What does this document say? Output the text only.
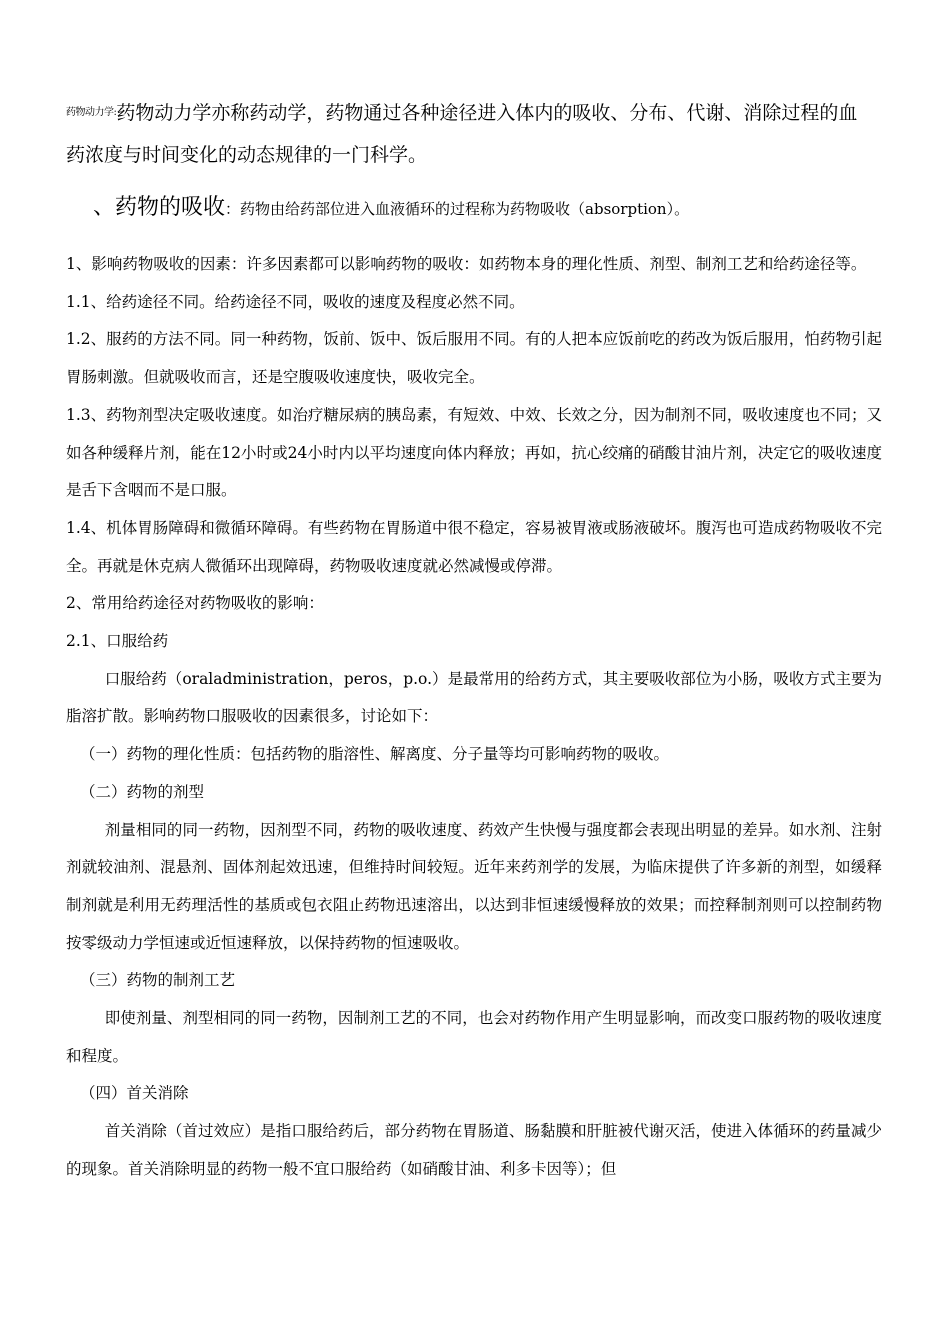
$^{药物动力学:}$药物动力学亦称药动学，药物通过各种途径进入体内的吸收、分布、代谢、消除过程的血药浓度与时间变化的动态规律的一门科学。
、药物的吸收：药物由给药部位进入血液循环的过程称为药物吸收（absorption）。

1、影响药物吸收的因素：许多因素都可以影响药物的吸收：如药物本身的理化性质、剂型、制剂工艺和给药途径等。

1.1、给药途径不同。给药途径不同，吸收的速度及程度必然不同。

1.2、服药的方法不同。同一种药物，饭前、饭中、饭后服用不同。有的人把本应饭前吃的药改为饭后服用，怕药物引起胃肠刺激。但就吸收而言，还是空腹吸收速度快，吸收完全。

1.3、药物剂型决定吸收速度。如治疗糖尿病的胰岛素，有短效、中效、长效之分，因为制剂不同，吸收速度也不同；又如各种缓释片剂，能在12小时或24小时内以平均速度向体内释放；再如，抗心绞痛的硝酸甘油片剂，决定它的吸收速度是舌下含咽而不是口服。

1.4、机体胃肠障碍和微循环障碍。有些药物在胃肠道中很不稳定，容易被胃液或肠液破坏。腹泻也可造成药物吸收不完全。再就是休克病人微循环出现障碍，药物吸收速度就必然减慢或停滞。

2、常用给药途径对药物吸收的影响：

2.1、口服给药

口服给药（oraladministration，peros，p.o.）是最常用的给药方式，其主要吸收部位为小肠，吸收方式主要为脂溶扩散。影响药物口服吸收的因素很多，讨论如下：

（一）药物的理化性质：包括药物的脂溶性、解离度、分子量等均可影响药物的吸收。

（二）药物的剂型

剂量相同的同一药物，因剂型不同，药物的吸收速度、药效产生快慢与强度都会表现出明显的差异。如水剂、注射剂就较油剂、混悬剂、固体剂起效迅速，但维持时间较短。近年来药剂学的发展，为临床提供了许多新的剂型，如缓释制剂就是利用无药理活性的基质或包衣阻止药物迅速溶出，以达到非恒速缓慢释放的效果；而控释制剂则可以控制药物按零级动力学恒速或近恒速释放，以保持药物的恒速吸收。

（三）药物的制剂工艺

即使剂量、剂型相同的同一药物，因制剂工艺的不同，也会对药物作用产生明显影响，而改变口服药物的吸收速度和程度。

（四）首关消除

首关消除（首过效应）是指口服给药后，部分药物在胃肠道、肠黏膜和肝脏被代谢灭活，使进入体循环的药量减少的现象。首关消除明显的药物一般不宜口服给药（如硝酸甘油、利多卡因等）；但
